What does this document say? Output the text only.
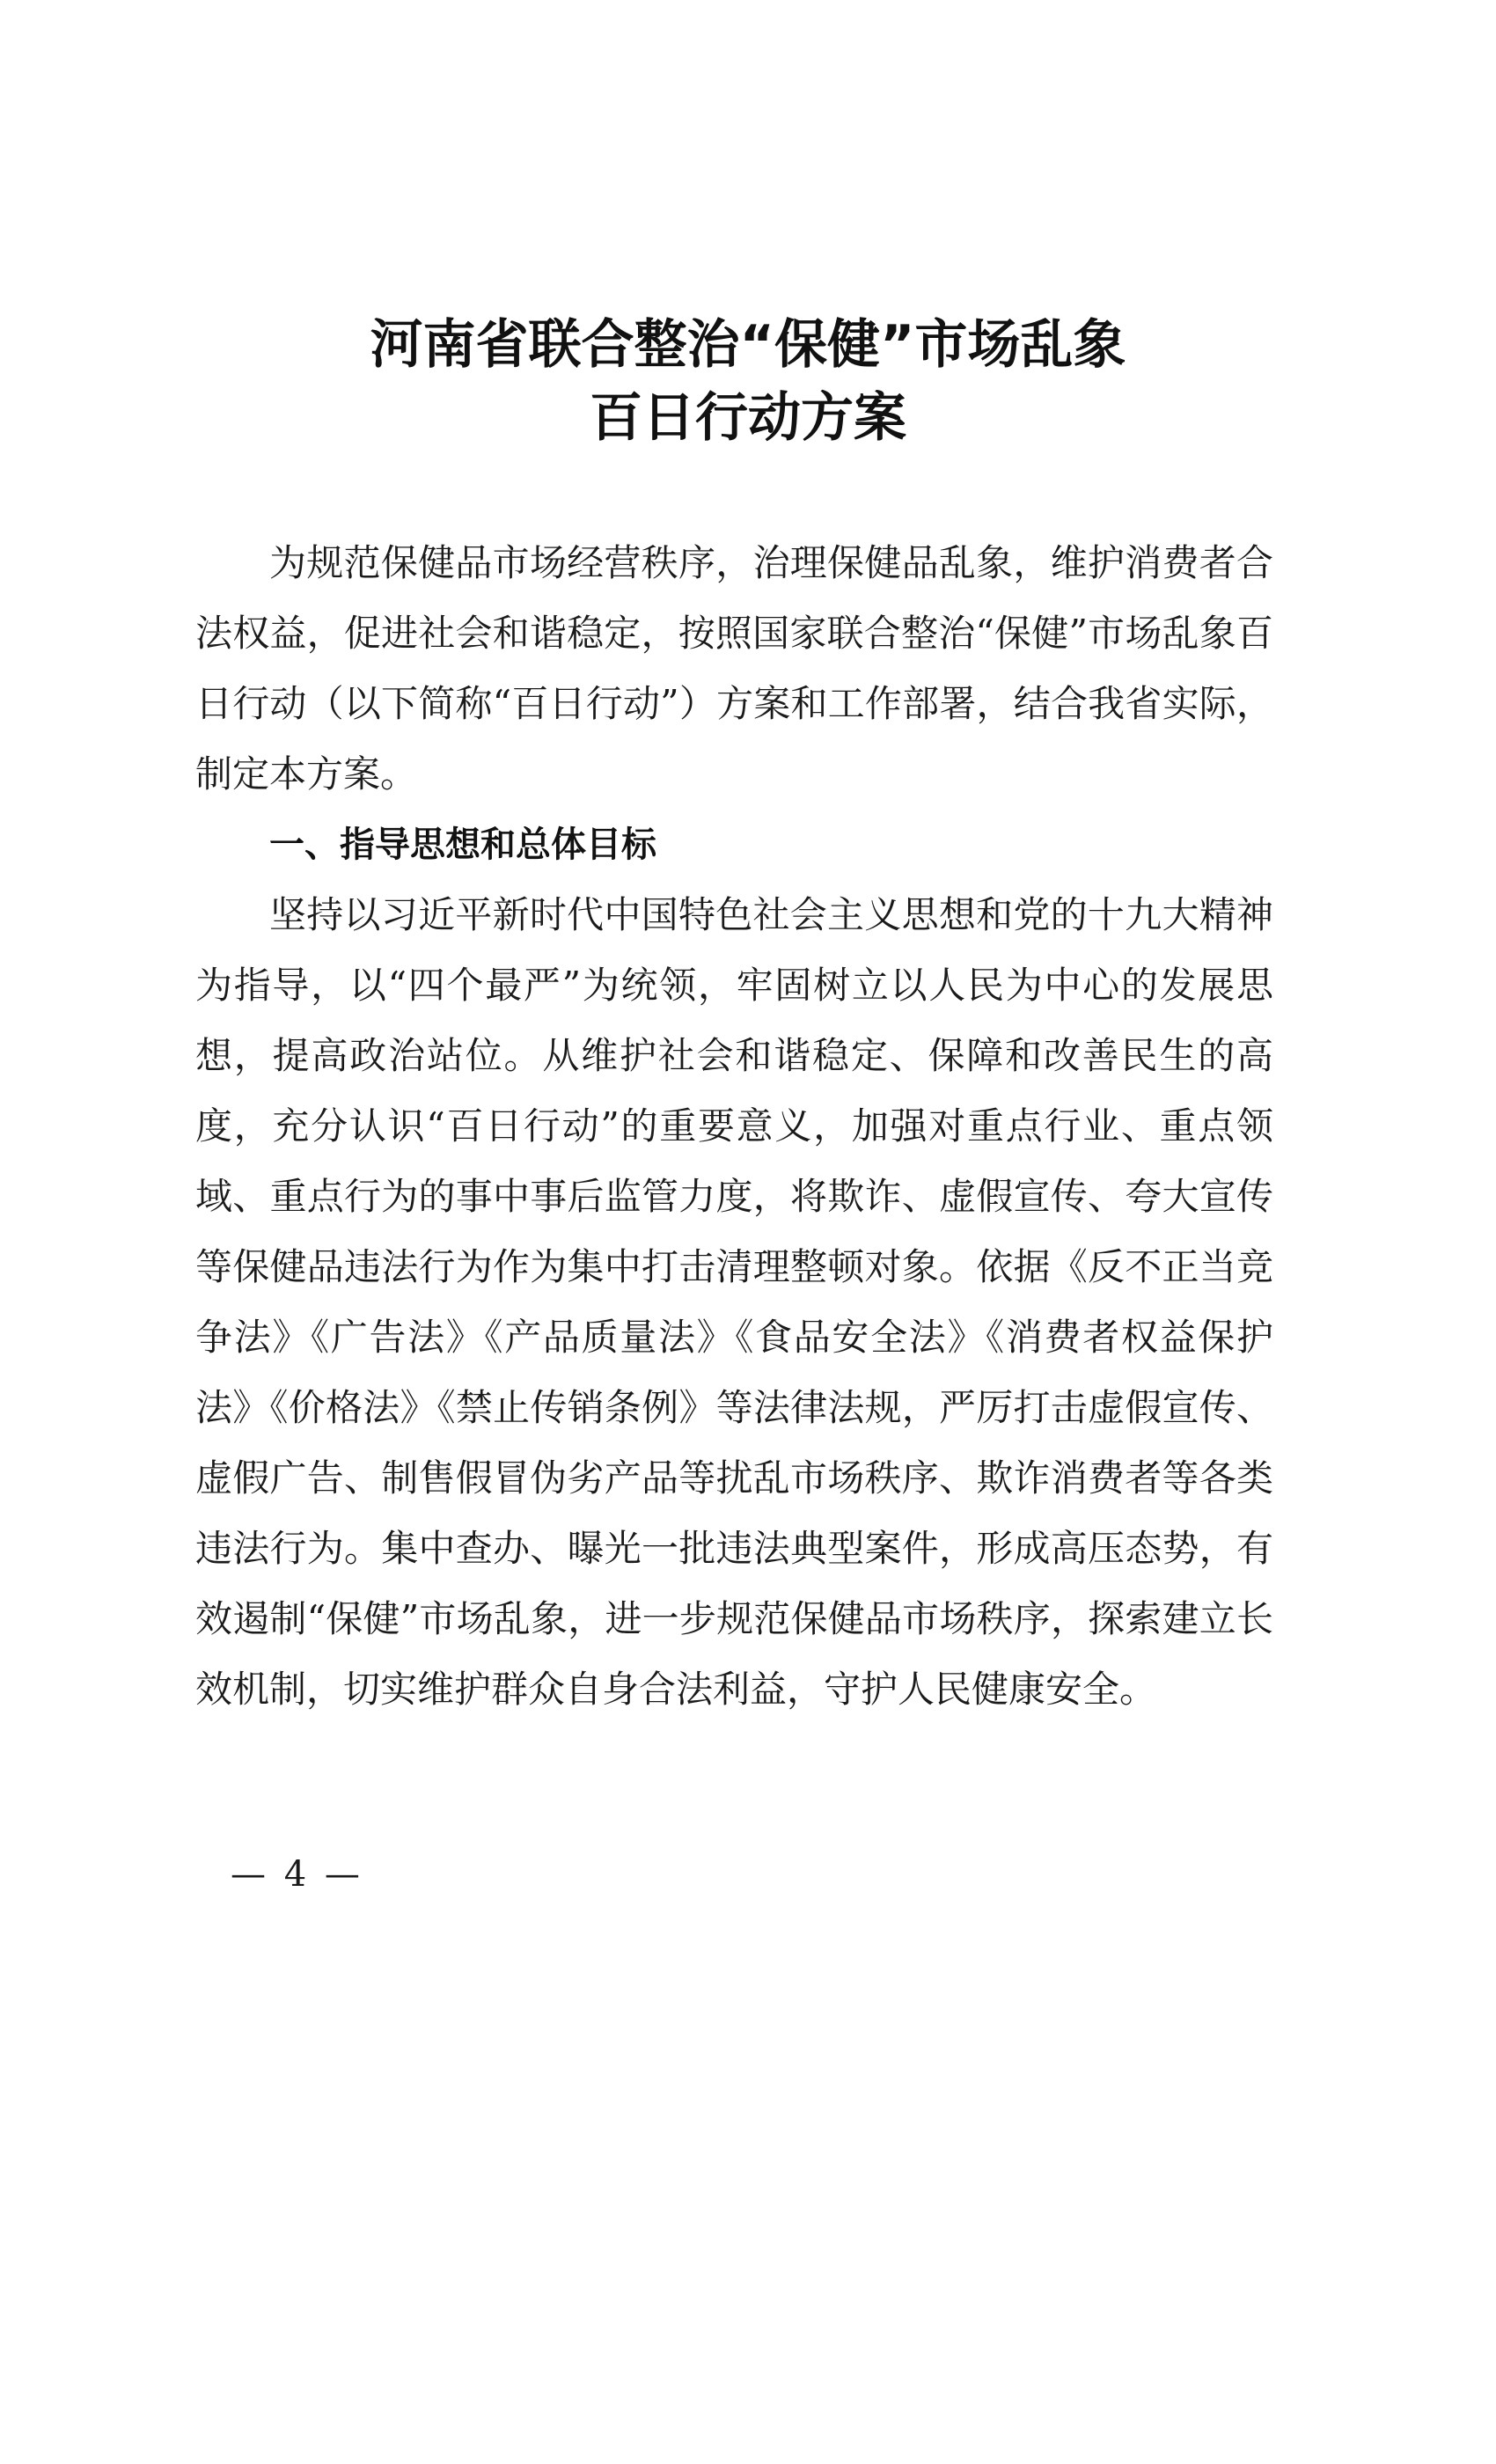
河南省联合整治“保健”市场乱象
百日行动方案

为规范保健品市场经营秩序，治理保健品乱象，维护消费者合法权益，促进社会和谐稳定，按照国家联合整治“保健”市场乱象百日行动（以下简称“百日行动”）方案和工作部署，结合我省实际，制定本方案。

一、指导思想和总体目标

坚持以习近平新时代中国特色社会主义思想和党的十九大精神为指导，以“四个最严”为统领，牢固树立以人民为中心的发展思想，提高政治站位。从维护社会和谐稳定、保障和改善民生的高度，充分认识“百日行动”的重要意义，加强对重点行业、重点领域、重点行为的事中事后监管力度，将欺诈、虚假宣传、夸大宣传等保健品违法行为作为集中打击清理整顿对象。依据《反不正当竞争法》《广告法》《产品质量法》《食品安全法》《消费者权益保护法》《价格法》《禁止传销条例》等法律法规，严厉打击虚假宣传、虚假广告、制售假冒伪劣产品等扰乱市场秩序、欺诈消费者等各类违法行为。集中查办、曝光一批违法典型案件，形成高压态势，有效遏制“保健”市场乱象，进一步规范保健品市场秩序，探索建立长效机制，切实维护群众自身合法利益，守护人民健康安全。

— 4 —
